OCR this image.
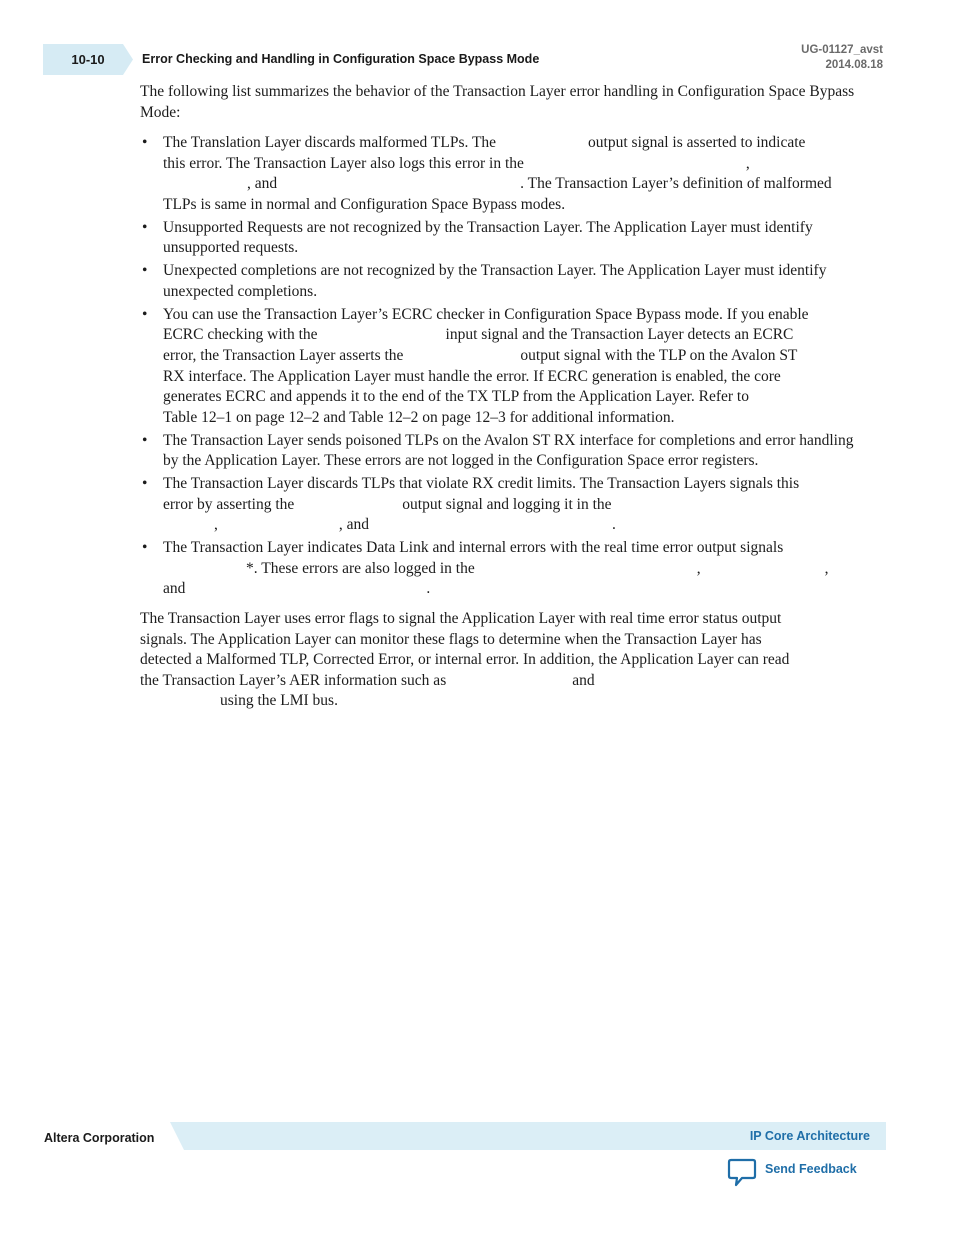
10-10	Error Checking and Handling in Configuration Space Bypass Mode
UG-01127_avst
2014.08.18

The following list summarizes the behavior of the Transaction Layer error handling in Configuration Space Bypass Mode:

• The Translation Layer discards malformed TLPs. The	output signal is asserted to indicate
this error. The Transaction Layer also logs this error in the	,
, and	. The Transaction Layer’s definition of malformed
TLPs is same in normal and Configuration Space Bypass modes.
• Unsupported Requests are not recognized by the Transaction Layer. The Application Layer must identify unsupported requests.
• Unexpected completions are not recognized by the Transaction Layer. The Application Layer must identify unexpected completions.
• You can use the Transaction Layer’s ECRC checker in Configuration Space Bypass mode. If you enable
ECRC checking with the	input signal and the Transaction Layer detects an ECRC
error, the Transaction Layer asserts the	output signal with the TLP on the Avalon ST
RX interface. The Application Layer must handle the error. If ECRC generation is enabled, the core
generates ECRC and appends it to the end of the TX TLP from the Application Layer. Refer to
Table 12–1 on page 12–2 and Table 12–2 on page 12–3 for additional information.
• The Transaction Layer sends poisoned TLPs on the Avalon ST RX interface for completions and error handling by the Application Layer. These errors are not logged in the Configuration Space error registers.
• The Transaction Layer discards TLPs that violate RX credit limits. The Transaction Layers signals this
error by asserting the	output signal and logging it in the
,	, and	.
• The Transaction Layer indicates Data Link and internal errors with the real time error output signals
*. These errors are also logged in the	,	,
and	.

The Transaction Layer uses error flags to signal the Application Layer with real time error status output
signals. The Application Layer can monitor these flags to determine when the Transaction Layer has
detected a Malformed TLP, Corrected Error, or internal error. In addition, the Application Layer can read
the Transaction Layer’s AER information such as	and
using the LMI bus.

Altera Corporation	IP Core Architecture
Send Feedback
